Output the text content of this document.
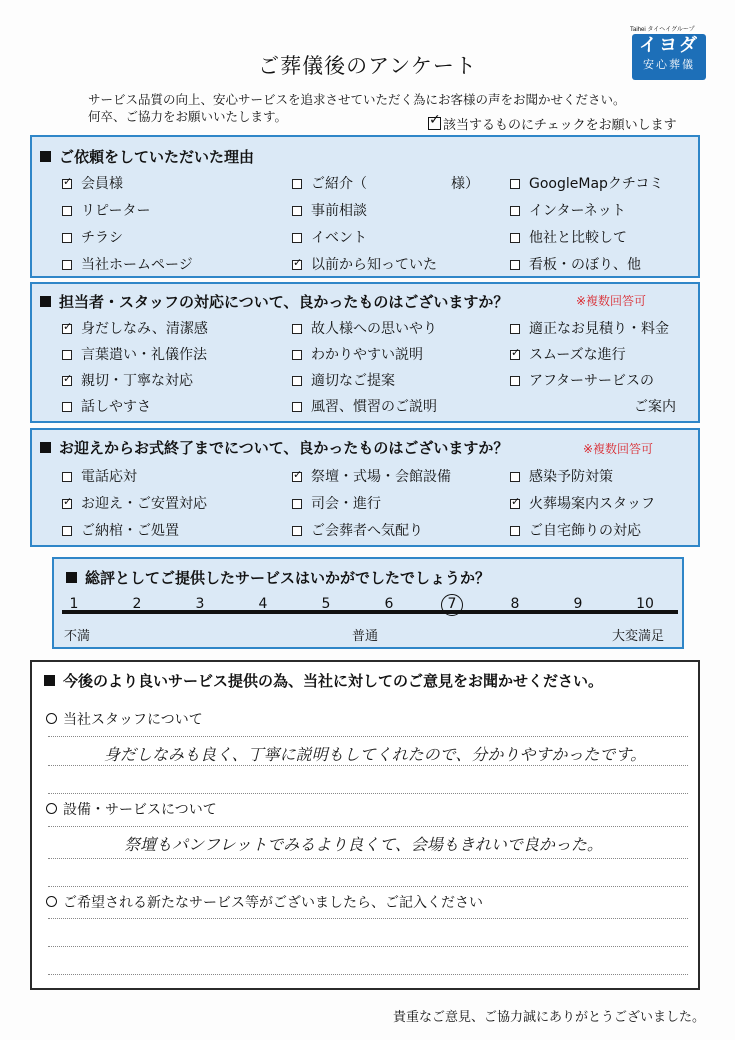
Taihei タイヘイグループ
イヨダ
安心葬儀
ご葬儀後のアンケート
サービス品質の向上、安心サービスを追求させていただく為にお客様の声をお聞かせください。
何卒、ご協力をお願いいたします。
✓該当するものにチェックをお願いします
ご依頼をしていただいた理由
✓会員様	ご紹介（　　　　　　様）	GoogleMapクチコミ
リピーター	事前相談	インターネット
チラシ	イベント	他社と比較して
当社ホームページ ✓	以前から知っていた	看板・のぼり、他
担当者・スタッフの対応について、良かったものはございますか？	※複数回答可
✓身だしなみ、清潔感	故人様への思いやり	適正なお見積り・料金
言葉遣い・礼儀作法	わかりやすい説明 ✓	スムーズな進行
✓親切・丁寧な対応	適切なご提案	アフターサービスの
話しやすさ	風習、慣習のご説明	ご案内
お迎えからお式終了までについて、良かったものはございますか？	※複数回答可
電話応対 ✓	祭壇・式場・会館設備	感染予防対策
✓お迎え・ご安置対応	司会・進行 ✓	火葬場案内スタッフ
ご納棺・ご処置	ご会葬者へ気配り	ご自宅飾りの対応
総評としてご提供したサービスはいかがでしたでしょうか？
1	2	3	4	5	6	7	8	9	10
不満	普通	大変満足
今後のより良いサービス提供の為、当社に対してのご意見をお聞かせください。
当社スタッフについて
身だしなみも良く、丁寧に説明もしてくれたので、分かりやすかったです。
設備・サービスについて
祭壇もパンフレットでみるより良くて、会場もきれいで良かった。
ご希望される新たなサービス等がございましたら、ご記入ください
貴重なご意見、ご協力誠にありがとうございました。
